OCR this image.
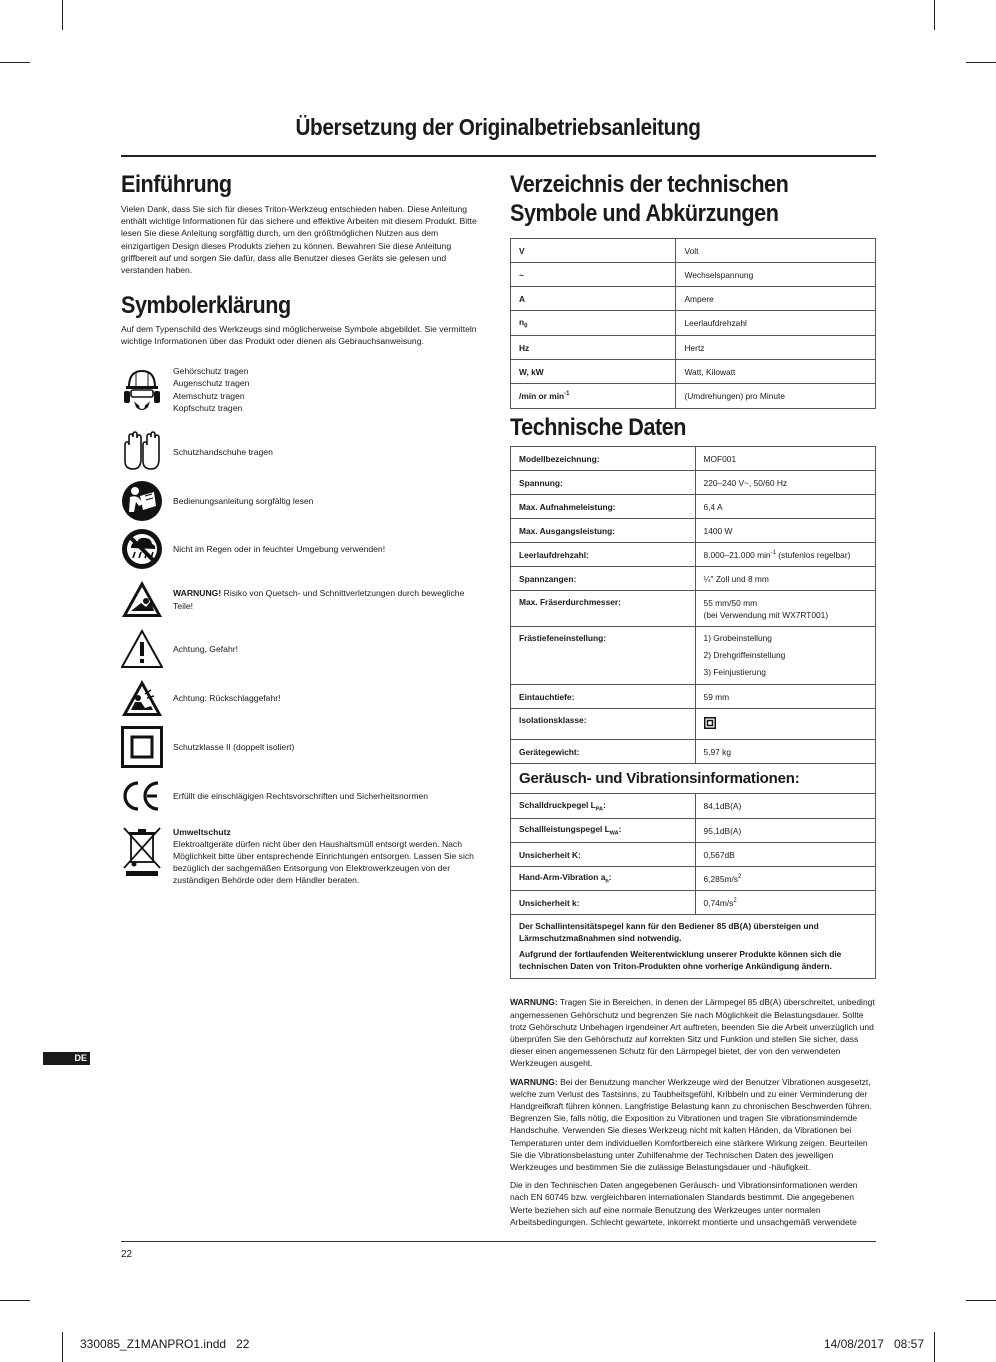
Übersetzung der Originalbetriebsanleitung
Einführung

Vielen Dank, dass Sie sich für dieses Triton-Werkzeug entschieden haben. Diese Anleitung enthält wichtige Informationen für das sichere und effektive Arbeiten mit diesem Produkt. Bitte lesen Sie diese Anleitung sorgfältig durch, um den größtmöglichen Nutzen aus dem einzigartigen Design dieses Produkts ziehen zu können. Bewahren Sie diese Anleitung griffbereit auf und sorgen Sie dafür, dass alle Benutzer dieses Geräts sie gelesen und verstanden haben.

Symbolerklärung

Auf dem Typenschild des Werkzeugs sind möglicherweise Symbole abgebildet. Sie vermitteln wichtige Informationen über das Produkt oder dienen als Gebrauchsanweisung.

Gehörschutz tragen
Augenschutz tragen
Atemschutz tragen
Kopfschutz tragen
Schutzhandschuhe tragen
Bedienungsanleitung sorgfältig lesen
Nicht im Regen oder in feuchter Umgebung verwenden!
WARNUNG! Risiko von Quetsch- und Schnittverletzungen durch bewegliche Teile!
Achtung, Gefahr!
Achtung: Rückschlaggefahr!
Schutzklasse II (doppelt isoliert)
Erfüllt die einschlägigen Rechtsvorschriften und Sicherheitsnormen
Umweltschutz
Elektroaltgeräte dürfen nicht über den Haushaltsmüll entsorgt werden. Nach Möglichkeit bitte über entsprechende Einrichtungen entsorgen. Lassen Sie sich bezüglich der sachgemäßen Entsorgung von Elektrowerkzeugen von der zuständigen Behörde oder dem Händler beraten.
Verzeichnis der technischen
Symbole und Abkürzungen
V	Volt
~	Wechselspannung
A	Ampere
$n_0$	Leerlaufdrehzahl
Hz	Hertz
W, kW	Watt, Kilowatt
/min or $\min^{-1}$	(Umdrehungen) pro Minute
Technische Daten
Modellbezeichnung:	MOF001
Spannung:	220–240 V~, 50/60 Hz
Max. Aufnahmeleistung:	6,4 A
Max. Ausgangsleistung:	1400 W
Leerlaufdrehzahl:	8.000–21.000 $\min^{-1}$ (stufenlos regelbar)
Spannzangen:	¼" Zoll und 8 mm
Max. Fräserdurchmesser:	55 mm/50 mm
(bei Verwendung mit WX7RT001)

Frästiefeneinstellung:	1) Grobeinstellung
2) Drehgriffeinstellung
3) Feinjustierung

Eintauchtiefe:	59 mm
Isolationsklasse:	
Gerätegewicht:	5,97 kg
Geräusch- und Vibrationsinformationen:	
Schalldruckpegel $L_{PA}$:	84,1dB(A)
Schallleistungspegel $L_{WA}$:	95,1dB(A)
Unsicherheit K:	0,567dB
Hand-Arm-Vibration $a_h$:	$6,285m/s^2$
Unsicherheit k:	$0,74m/s^2$

Der Schallintensitätspegel kann für den Bediener 85 dB(A) übersteigen und Lärmschutzmaßnahmen sind notwendig.
Aufgrund der fortlaufenden Weiterentwicklung unserer Produkte können sich die technischen Daten von Triton-Produkten ohne vorherige Ankündigung ändern.	
WARNUNG: Tragen Sie in Bereichen, in denen der Lärmpegel 85 dB(A) überschreitet, unbedingt angemessenen Gehörschutz und begrenzen Sie nach Möglichkeit die Belastungsdauer. Sollte trotz Gehörschutz Unbehagen irgendeiner Art auftreten, beenden Sie die Arbeit unverzüglich und überprüfen Sie den Gehörschutz auf korrekten Sitz und Funktion und stellen Sie sicher, dass dieser einen angemessenen Schutz für den Lärmpegel bietet, der von den verwendeten Werkzeugen ausgeht.
WARNUNG: Bei der Benutzung mancher Werkzeuge wird der Benutzer Vibrationen ausgesetzt, welche zum Verlust des Tastsinns, zu Taubheitsgefühl, Kribbeln und zu einer Verminderung der Handgreifkraft führen können. Langfristige Belastung kann zu chronischen Beschwerden führen. Begrenzen Sie, falls nötig, die Exposition zu Vibrationen und tragen Sie vibrationsmindernde Handschuhe. Verwenden Sie dieses Werkzeug nicht mit kalten Händen, da Vibrationen bei Temperaturen unter dem individuellen Komfortbereich eine stärkere Wirkung zeigen. Beurteilen Sie die Vibrationsbelastung unter Zuhilfenahme der Technischen Daten des jeweiligen Werkzeuges und bestimmen Sie die zulässige Belastungsdauer und -häufigkeit.
Die in den Technischen Daten angegebenen Geräusch- und Vibrationsinformationen werden nach EN 60745 bzw. vergleichbaren internationalen Standards bestimmt. Die angegebenen Werte beziehen sich auf eine normale Benutzung des Werkzeuges unter normalen Arbeitsbedingungen. Schlecht gewartete, inkorrekt montierte und unsachgemäß verwendete
DE
22
330085_Z1MANPRO1.indd   22	14/08/2017   08:57
